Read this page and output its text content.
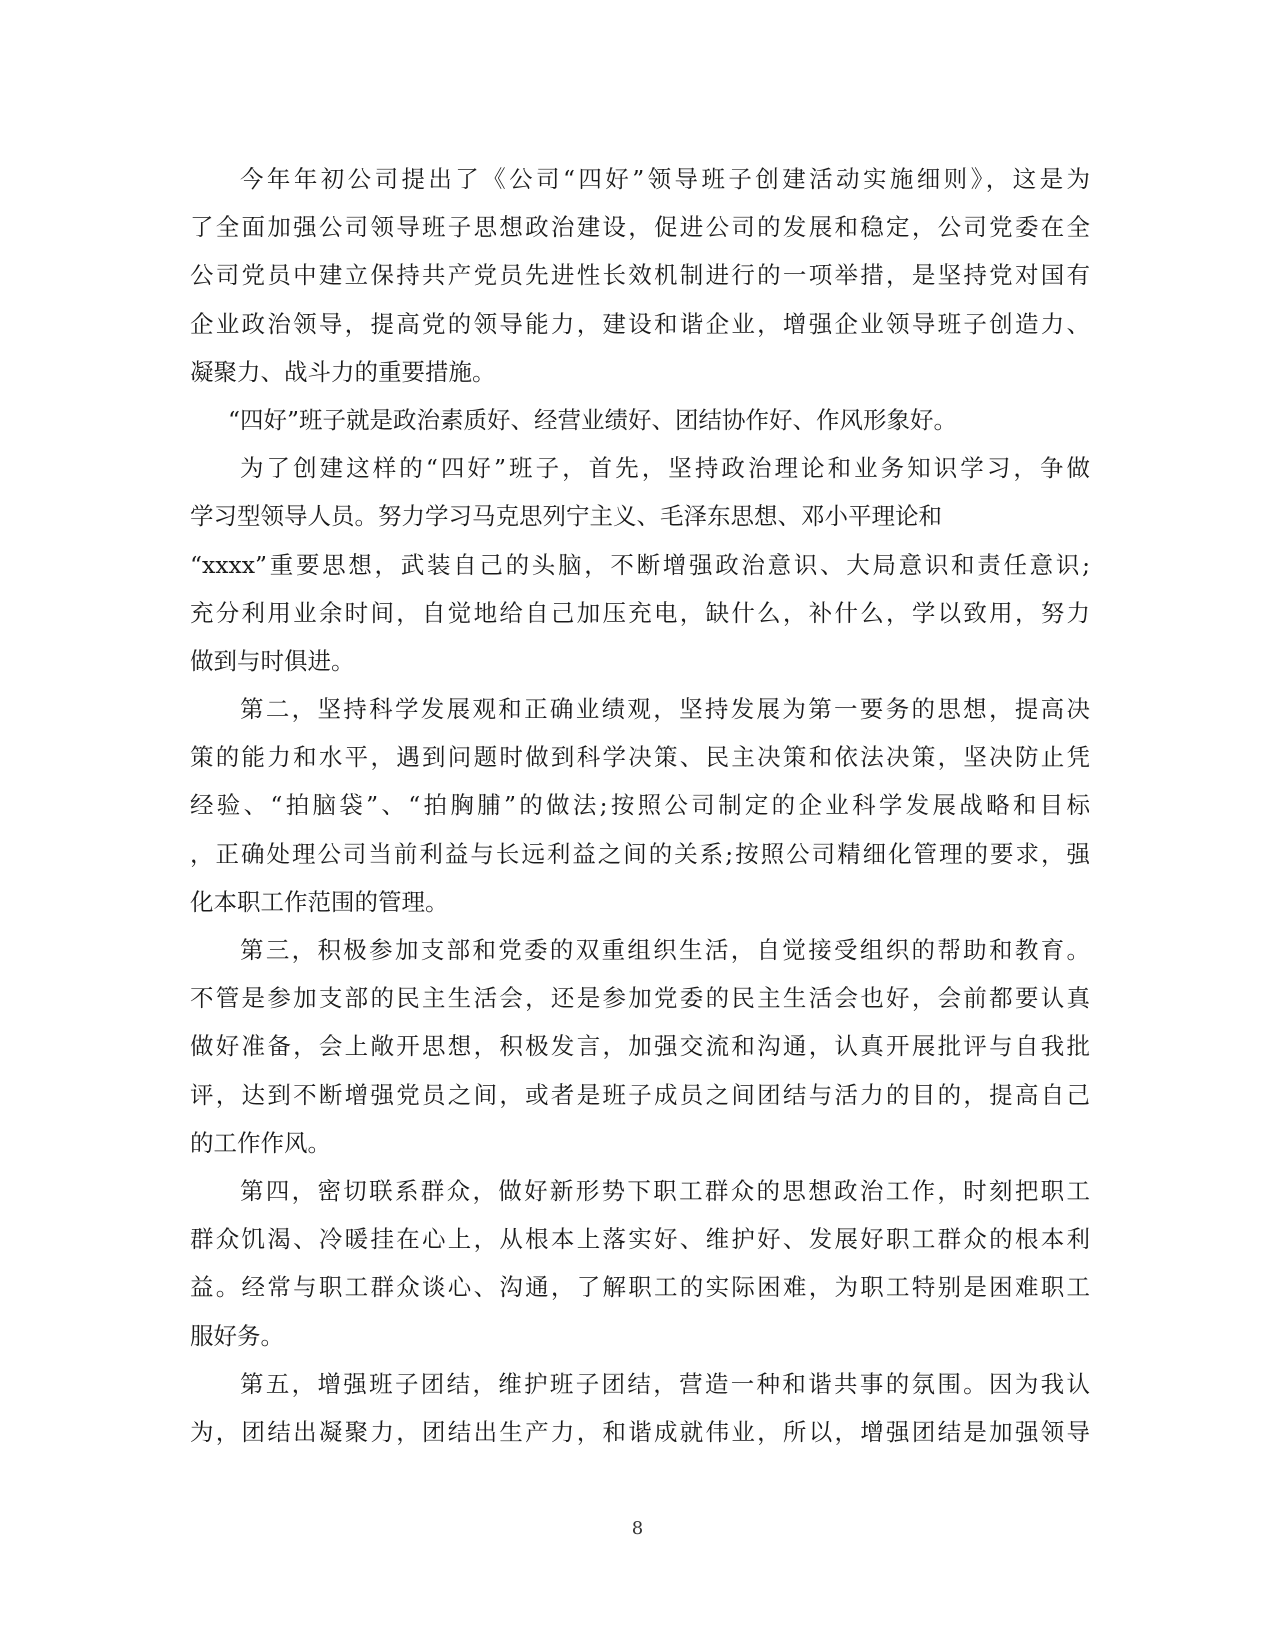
今年年初公司提出了《公司“四好”领导班子创建活动实施细则》，这是为
了全面加强公司领导班子思想政治建设，促进公司的发展和稳定，公司党委在全
公司党员中建立保持共产党员先进性长效机制进行的一项举措，是坚持党对国有
企业政治领导，提高党的领导能力，建设和谐企业，增强企业领导班子创造力、
凝聚力、战斗力的重要措施。
“四好”班子就是政治素质好、经营业绩好、团结协作好、作风形象好。
为了创建这样的“四好”班子，首先，坚持政治理论和业务知识学习，争做
学习型领导人员。努力学习马克思列宁主义、毛泽东思想、邓小平理论和
“xxxx”重要思想，武装自己的头脑，不断增强政治意识、大局意识和责任意识;
充分利用业余时间，自觉地给自己加压充电，缺什么，补什么，学以致用，努力
做到与时俱进。
第二，坚持科学发展观和正确业绩观，坚持发展为第一要务的思想，提高决
策的能力和水平，遇到问题时做到科学决策、民主决策和依法决策，坚决防止凭
经验、“拍脑袋”、“拍胸脯”的做法;按照公司制定的企业科学发展战略和目标
，正确处理公司当前利益与长远利益之间的关系;按照公司精细化管理的要求，强
化本职工作范围的管理。
第三，积极参加支部和党委的双重组织生活，自觉接受组织的帮助和教育。
不管是参加支部的民主生活会，还是参加党委的民主生活会也好，会前都要认真
做好准备，会上敞开思想，积极发言，加强交流和沟通，认真开展批评与自我批
评，达到不断增强党员之间，或者是班子成员之间团结与活力的目的，提高自己
的工作作风。
第四，密切联系群众，做好新形势下职工群众的思想政治工作，时刻把职工
群众饥渴、冷暖挂在心上，从根本上落实好、维护好、发展好职工群众的根本利
益。经常与职工群众谈心、沟通，了解职工的实际困难，为职工特别是困难职工
服好务。
第五，增强班子团结，维护班子团结，营造一种和谐共事的氛围。因为我认
为，团结出凝聚力，团结出生产力，和谐成就伟业，所以，增强团结是加强领导
8
